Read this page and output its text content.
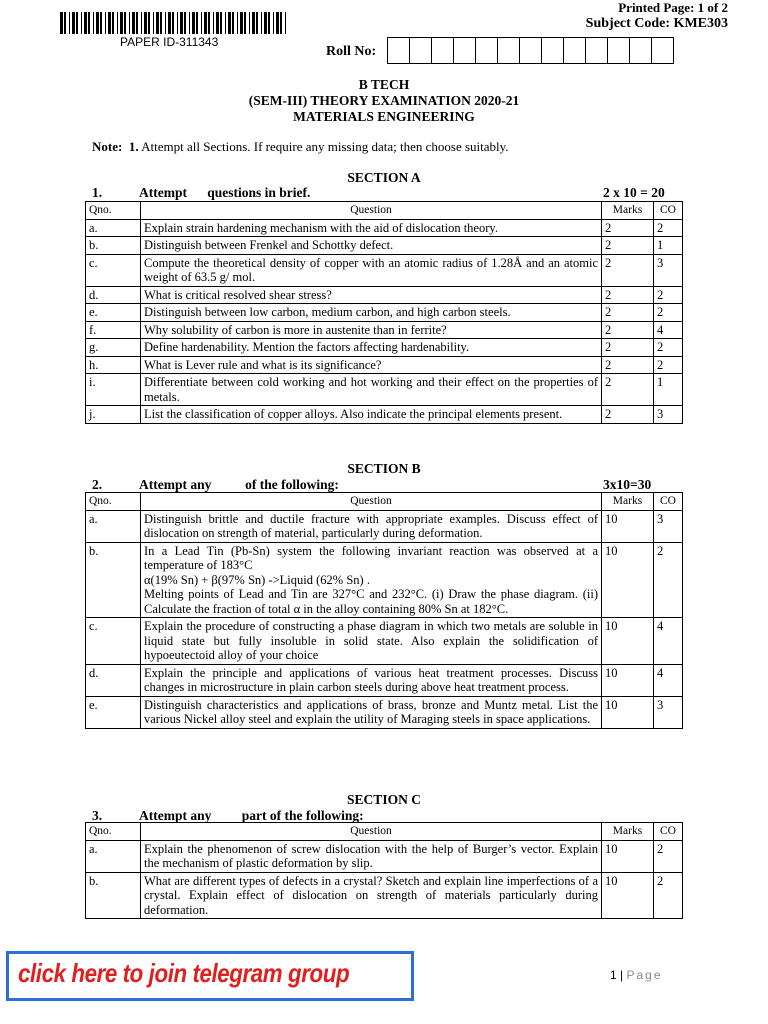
PAPER ID-311343
Printed Page: 1 of 2
Subject Code: KME303
Roll No:
B TECH
(SEM-III) THEORY EXAMINATION 2020-21
MATERIALS ENGINEERING
Note: 1. Attempt all Sections. If require any missing data; then choose suitably.
SECTION A
1.	Attempt      questions in brief.	2 x 10 = 20
Qno.	Question	Marks	CO
a.	Explain strain hardening mechanism with the aid of dislocation theory.	2	2
b.	Distinguish between Frenkel and Schottky defect.	2	1
c.	Compute the theoretical density of copper with an atomic radius of 1.28Å and an atomic weight of 63.5 g/ mol.	2	3
d.	What is critical resolved shear stress?	2	2
e.	Distinguish between low carbon, medium carbon, and high carbon steels.	2	2
f.	Why solubility of carbon is more in austenite than in ferrite?	2	4
g.	Define hardenability. Mention the factors affecting hardenability.	2	2
h.	What is Lever rule and what is its significance?	2	2
i.	Differentiate between cold working and hot working and their effect on the properties of metals.	2	1
j.	List the classification of copper alloys. Also indicate the principal elements present.	2	3
SECTION B
2.	Attempt any          of the following:	3x10=30
Qno.	Question	Marks	CO
a.	Distinguish brittle and ductile fracture with appropriate examples. Discuss effect of dislocation on strength of material, particularly during deformation.	10	3
b.	In a Lead Tin (Pb-Sn) system the following invariant reaction was observed at a temperature of 183°C
α(19% Sn) + β(97% Sn) ->Liquid (62% Sn) .
Melting points of Lead and Tin are 327°C and 232°C. (i) Draw the phase diagram. (ii) Calculate the fraction of total α in the alloy containing 80% Sn at 182°C.	10	2
c.	Explain the procedure of constructing a phase diagram in which two metals are soluble in liquid state but fully insoluble in solid state. Also explain the solidification of hypoeutectoid alloy of your choice	10	4
d.	Explain the principle and applications of various heat treatment processes. Discuss changes in microstructure in plain carbon steels during above heat treatment process.	10	4
e.	Distinguish characteristics and applications of brass, bronze and Muntz metal. List the various Nickel alloy steel and explain the utility of Maraging steels in space applications.	10	3
SECTION C
3.	Attempt any         part of the following:
Qno.	Question	Marks	CO
a.	Explain the phenomenon of screw dislocation with the help of Burger’s vector. Explain the mechanism of plastic deformation by slip.	10	2
b.	What are different types of defects in a crystal? Sketch and explain line imperfections of a crystal. Explain effect of dislocation on strength of materials particularly during deformation.	10	2
click here to join telegram group	1 | Page
